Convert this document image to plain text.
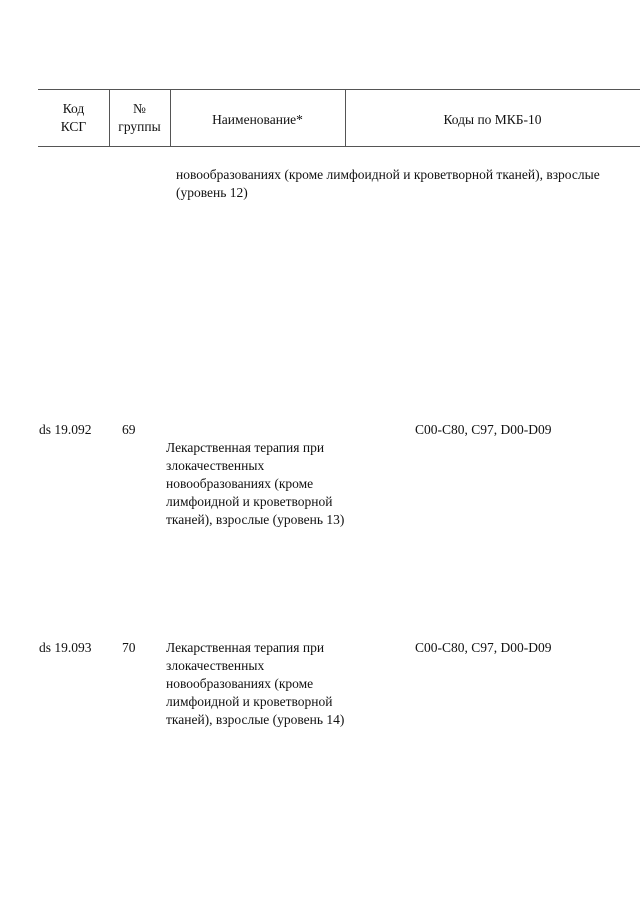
Код
КСГ
№
группы	Наименование*	Коды по МКБ-10
новообразованиях (кроме лимфоидной и кроветворной тканей), взрослые (уровень 12)
ds 19.092 69
Лекарственная терапия при злокачественных новообразованиях (кроме лимфоидной и кроветворной тканей), взрослые (уровень 13)
C00-C80, C97, D00-D09
ds 19.093 70 Лекарственная терапия при злокачественных новообразованиях (кроме лимфоидной и кроветворной тканей), взрослые (уровень 14)
C00-C80, C97, D00-D09
